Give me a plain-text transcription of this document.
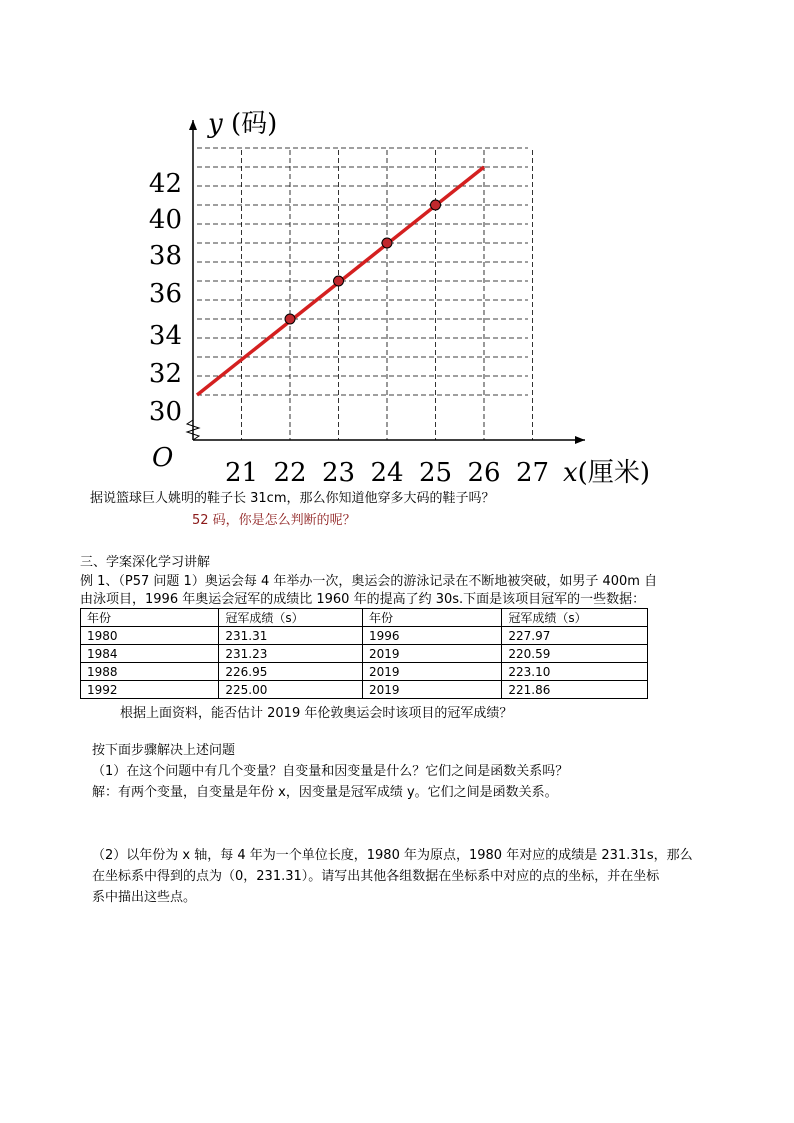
30
32
34
36
38
40
42
21 22 23 24 25 26 27
y (码)
x(厘米)
O
据说篮球巨人姚明的鞋子长 31cm，那么你知道他穿多大码的鞋子吗？
52 码，你是怎么判断的呢？
三、学案深化学习讲解
例 1、（P57 问题 1）奥运会每 4 年举办一次，奥运会的游泳记录在不断地被突破，如男子 400m 自
由泳项目，1996 年奥运会冠军的成绩比 1960 年的提高了约 30s.下面是该项目冠军的一些数据：
年份	冠军成绩（s）	年份	冠军成绩（s）
1980	231.31	1996	227.97
1984	231.23	2019	220.59
1988	226.95	2019	223.10
1992	225.00	2019	221.86
根据上面资料，能否估计 2019 年伦敦奥运会时该项目的冠军成绩？
按下面步骤解决上述问题
（1）在这个问题中有几个变量？自变量和因变量是什么？它们之间是函数关系吗？
解：有两个变量，自变量是年份 x，因变量是冠军成绩 y。它们之间是函数关系。
（2）以年份为 x 轴，每 4 年为一个单位长度，1980 年为原点，1980 年对应的成绩是 231.31s，那么
在坐标系中得到的点为（0，231.31）。请写出其他各组数据在坐标系中对应的点的坐标，并在坐标
系中描出这些点。
